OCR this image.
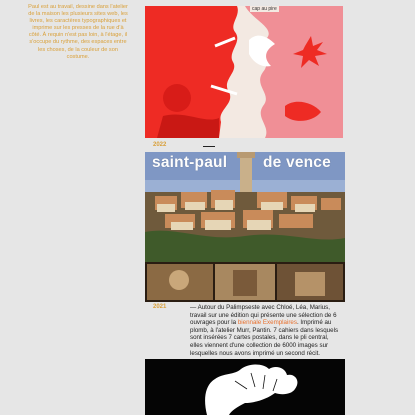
Paul est au travail, dessine dans l'atelier de la maison les plusieurs sites web, les livres, les caractères typographiques et imprime sur les presses de la rue d'à côté. À requin n'est pas loin, à l'étage, il s'occupe du rythme, des espaces entre les choses, de la couleur de son costume.
cap au pire
2022
saint-paul de vence
2021	— Autour du Palimpseste avec Chloé, Léa, Marius, travail sur une édition qui présente une sélection de 6 ouvrages pour la biennale Exemplaires. Imprimé au plomb, à l'atelier Murr, Pantin. 7 cahiers dans lesquels sont insérées 7 cartes postales, dans le pli central, elles viennent d'une collection de 6000 images sur lesquelles nous avons imprimé un second récit.
